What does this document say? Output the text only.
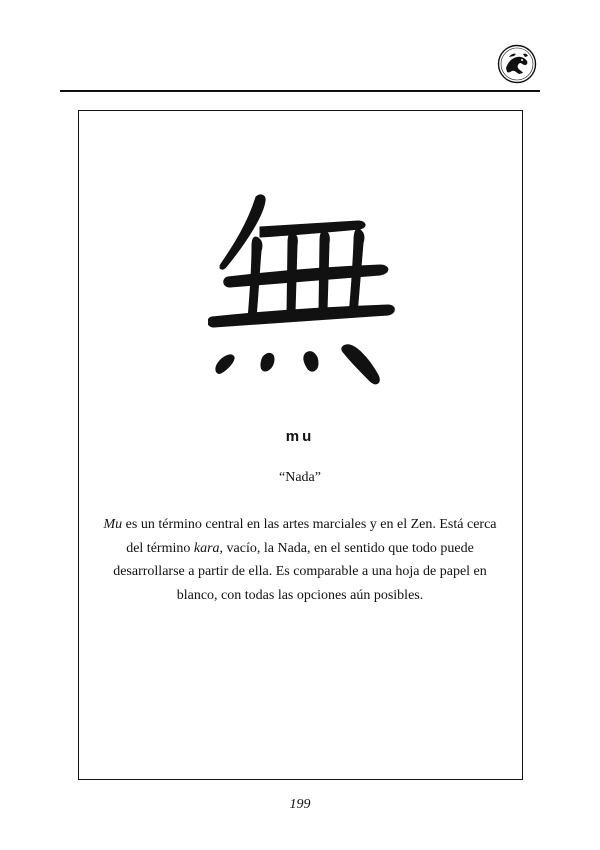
mu
“Nada”

Mu es un término central en las artes marciales y en el Zen. Está cerca del término kara, vacío, la Nada, en el sentido que todo puede desarrollarse a partir de ella. Es comparable a una hoja de papel en blanco, con todas las opciones aún posibles.

199
